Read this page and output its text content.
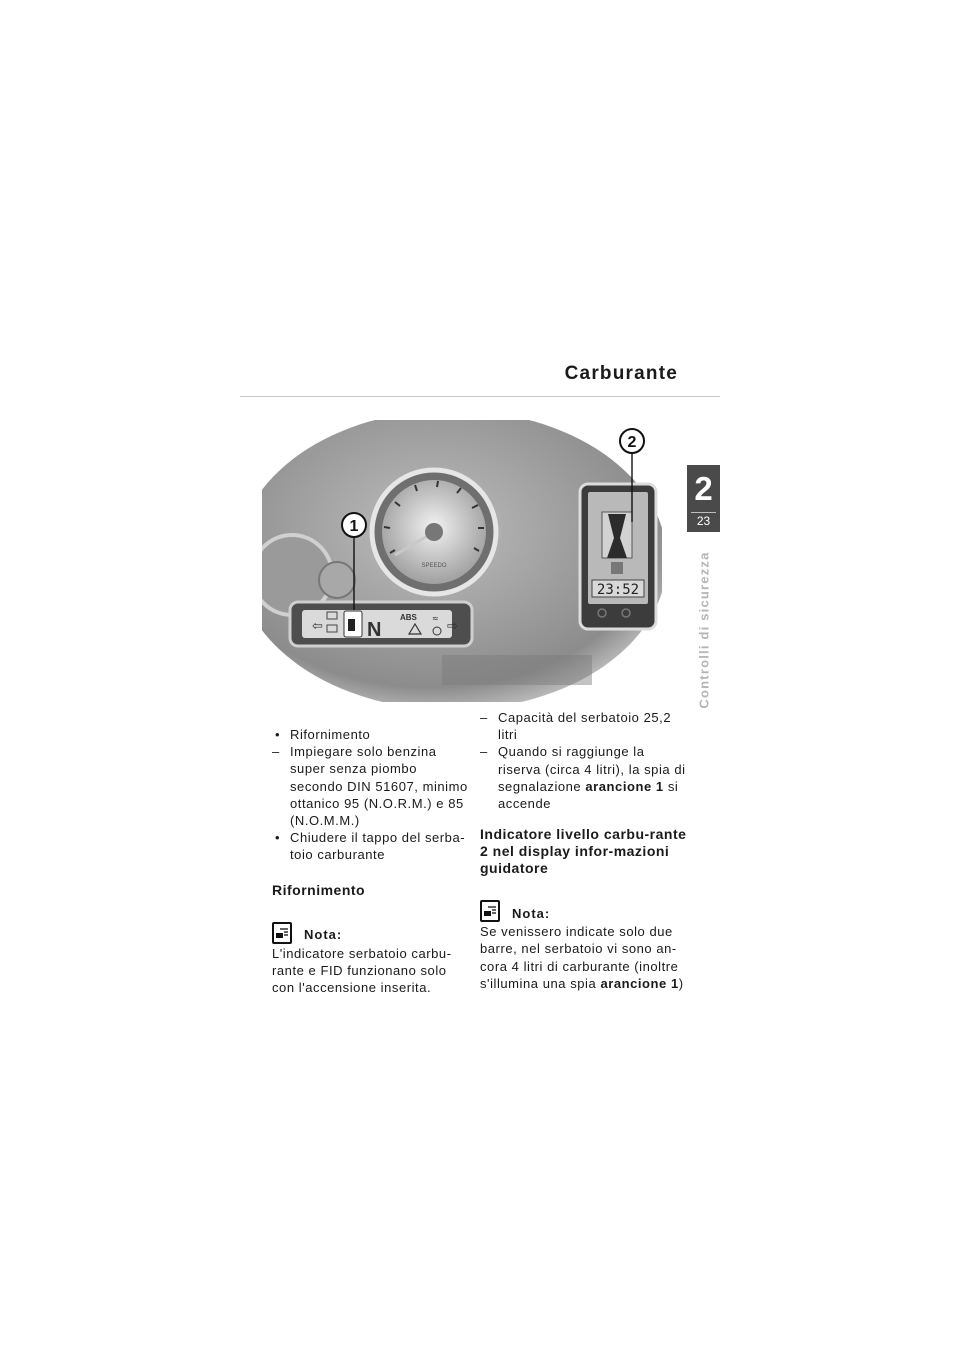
Carburante
2
23
Controlli di sicurezza
SPEEDO
⇦ N
ABS ≈
⇨
23:52
1
2
• Rifornimento
– Impiegare solo benzina super senza piombo secondo DIN 51607, minimo ottanico 95 (N.O.R.M.) e 85 (N.O.M.M.)
• Chiudere il tappo del serba-toio carburante
Rifornimento
Nota:
L'indicatore serbatoio carbu-rante e FID funzionano solo con l'accensione inserita.
– Capacità del serbatoio 25,2 litri
– Quando si raggiunge la riserva (circa 4 litri), la spia di segnalazione arancione 1 si accende
Indicatore livello carbu-rante 2 nel display infor-mazioni guidatore
Nota:
Se venissero indicate solo due barre, nel serbatoio vi sono an-cora 4 litri di carburante (inoltre s'illumina una spia arancione 1)
